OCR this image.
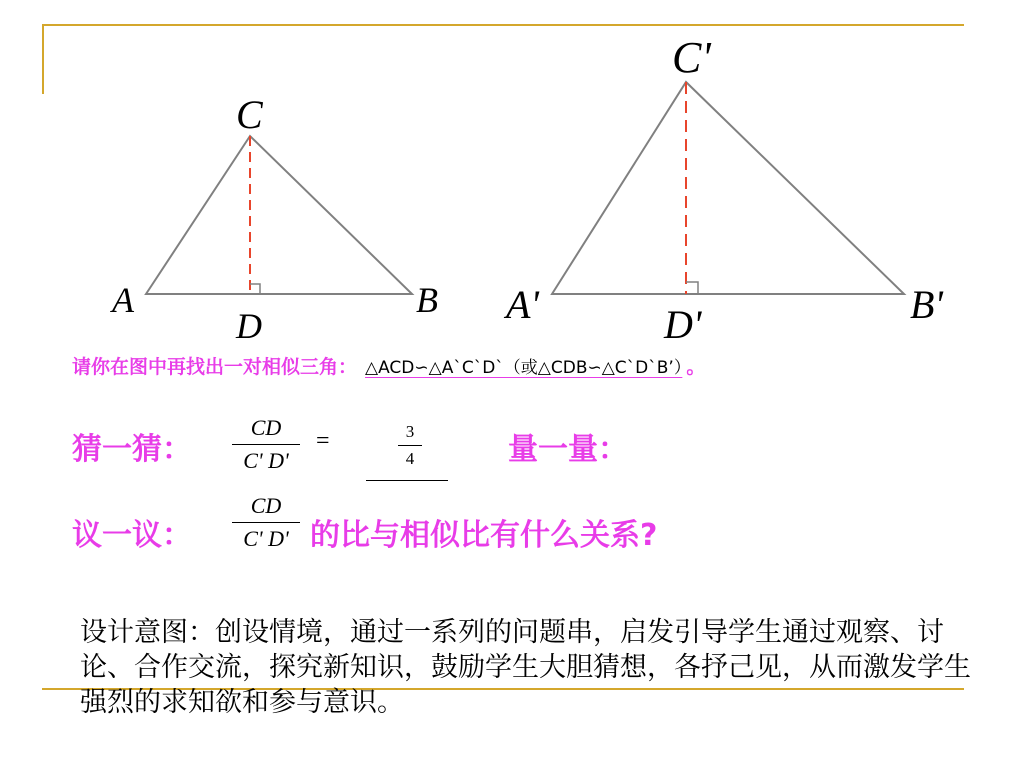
C
A	B
D
C'
A'	B'
D'
请你在图中再找出一对相似三角： △ACD∽△A`C`D`（或△CDB∽△C`D`B’） 。
猜一猜：
CD
C' D'
=	3
4	量一量：
议一议：
CD
C' D' 的比与相似比有什么关系?
设计意图：创设情境，通过一系列的问题串，启发引导学生通过观察、讨论、合作交流，探究新知识，鼓励学生大胆猜想，各抒己见，从而激发学生强烈的求知欲和参与意识。
